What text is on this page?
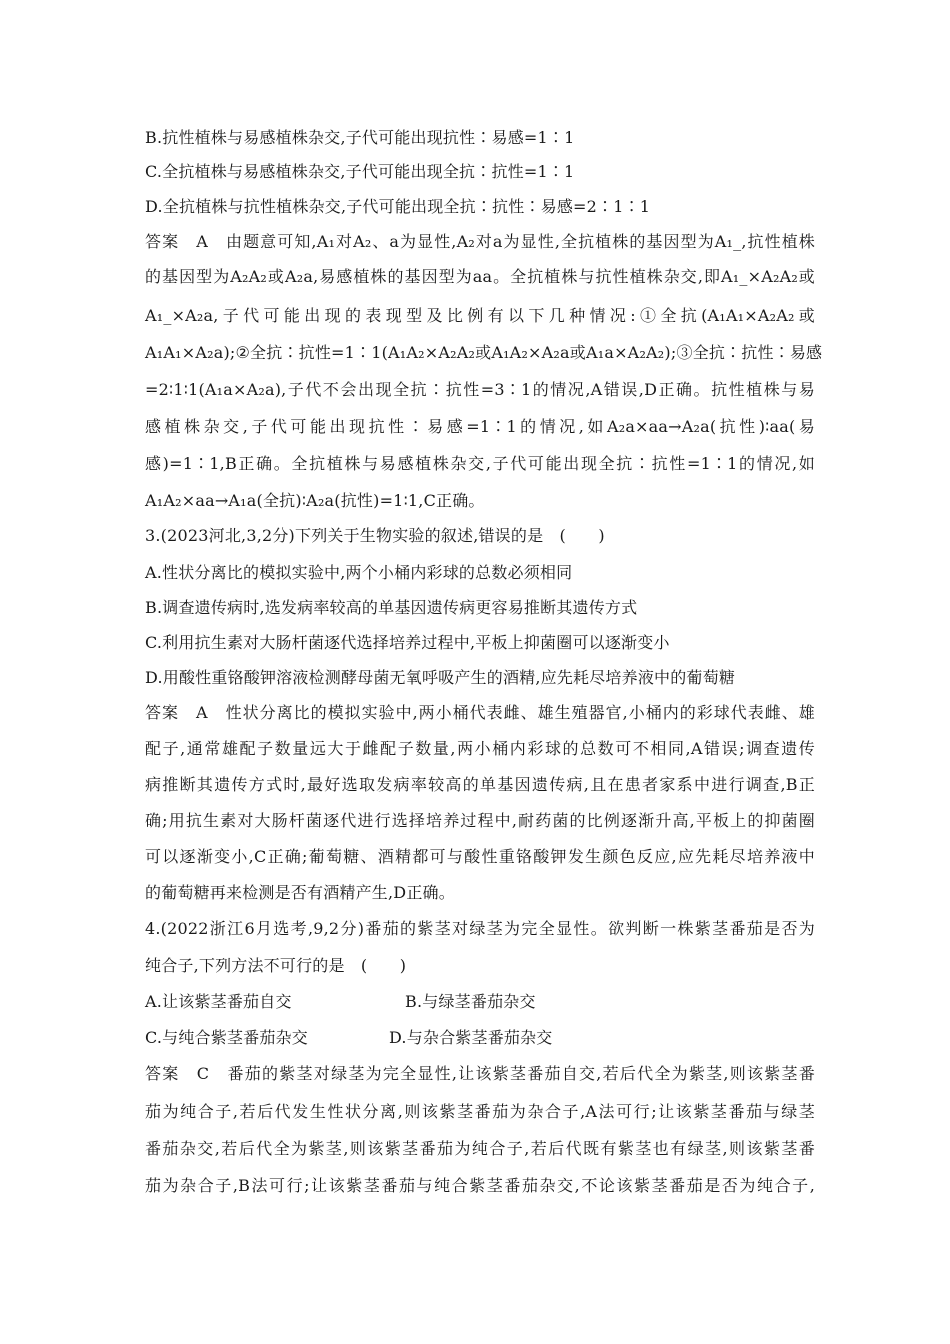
B.抗性植株与易感植株杂交,子代可能出现抗性∶易感=1∶1
C.全抗植株与易感植株杂交,子代可能出现全抗∶抗性=1∶1
D.全抗植株与抗性植株杂交,子代可能出现全抗∶抗性∶易感=2∶1∶1
答案　A　由题意可知,A₁对A₂、a为显性,A₂对a为显性,全抗植株的基因型为A₁_,抗性植株
的基因型为A₂A₂或A₂a,易感植株的基因型为aa。全抗植株与抗性植株杂交,即A₁_×A₂A₂或
A₁_×A₂a,子代可能出现的表现型及比例有以下几种情况:①全抗(A₁A₁×A₂A₂或
A₁A₁×A₂a);②全抗∶抗性=1∶1(A₁A₂×A₂A₂或A₁A₂×A₂a或A₁a×A₂A₂);③全抗∶抗性∶易感
=2∶1∶1(A₁a×A₂a),子代不会出现全抗∶抗性=3∶1的情况,A错误,D正确。抗性植株与易
感植株杂交,子代可能出现抗性∶易感=1∶1的情况,如A₂a×aa→A₂a(抗性)∶aa(易
感)=1∶1,B正确。全抗植株与易感植株杂交,子代可能出现全抗∶抗性=1∶1的情况,如
A₁A₂×aa→A₁a(全抗)∶A₂a(抗性)=1∶1,C正确。
3.(2023河北,3,2分)下列关于生物实验的叙述,错误的是　(　　)
A.性状分离比的模拟实验中,两个小桶内彩球的总数必须相同
B.调查遗传病时,选发病率较高的单基因遗传病更容易推断其遗传方式
C.利用抗生素对大肠杆菌逐代选择培养过程中,平板上抑菌圈可以逐渐变小
D.用酸性重铬酸钾溶液检测酵母菌无氧呼吸产生的酒精,应先耗尽培养液中的葡萄糖
答案　A　性状分离比的模拟实验中,两小桶代表雌、雄生殖器官,小桶内的彩球代表雌、雄
配子,通常雄配子数量远大于雌配子数量,两小桶内彩球的总数可不相同,A错误;调查遗传
病推断其遗传方式时,最好选取发病率较高的单基因遗传病,且在患者家系中进行调查,B正
确;用抗生素对大肠杆菌逐代进行选择培养过程中,耐药菌的比例逐渐升高,平板上的抑菌圈
可以逐渐变小,C正确;葡萄糖、酒精都可与酸性重铬酸钾发生颜色反应,应先耗尽培养液中
的葡萄糖再来检测是否有酒精产生,D正确。
4.(2022浙江6月选考,9,2分)番茄的紫茎对绿茎为完全显性。欲判断一株紫茎番茄是否为
纯合子,下列方法不可行的是　(　　)
A.让该紫茎番茄自交　　　　　　　B.与绿茎番茄杂交
C.与纯合紫茎番茄杂交　　　　　D.与杂合紫茎番茄杂交
答案　C　番茄的紫茎对绿茎为完全显性,让该紫茎番茄自交,若后代全为紫茎,则该紫茎番
茄为纯合子,若后代发生性状分离,则该紫茎番茄为杂合子,A法可行;让该紫茎番茄与绿茎
番茄杂交,若后代全为紫茎,则该紫茎番茄为纯合子,若后代既有紫茎也有绿茎,则该紫茎番
茄为杂合子,B法可行;让该紫茎番茄与纯合紫茎番茄杂交,不论该紫茎番茄是否为纯合子,
